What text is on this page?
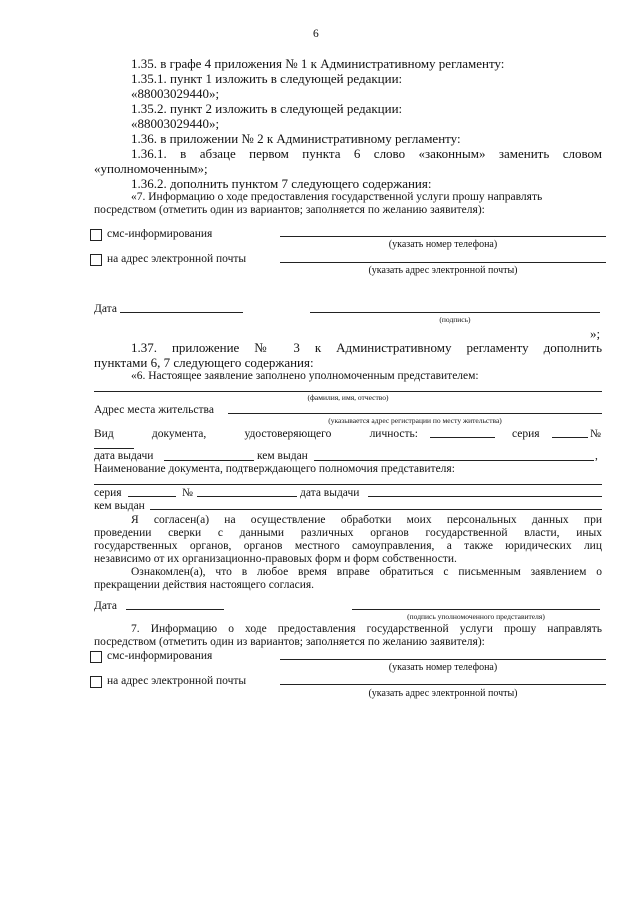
6
1.35. в графе 4 приложения № 1 к Административному регламенту:
1.35.1. пункт 1 изложить в следующей редакции:
«88003029440»;
1.35.2. пункт 2 изложить в следующей редакции:
«88003029440»;
1.36. в приложении № 2 к Административному регламенту:
1.36.1. в абзаце первом пункта 6 слово «законным» заменить словом
«уполномоченным»;
1.36.2. дополнить пунктом 7 следующего содержания:
«7. Информацию о ходе предоставления государственной услуги прошу направлять
посредством (отметить один из вариантов; заполняется по желанию заявителя):
смс-информирования
(указать номер телефона)
на адрес электронной почты
(указать адрес электронной почты)
Дата
(подпись)
»;
1.37. приложение № 3 к Административному регламенту дополнить
пунктами 6, 7 следующего содержания:
«6. Настоящее заявление заполнено уполномоченным представителем:
(фамилия, имя, отчество)
Адрес места жительства
(указывается адрес регистрации по месту жительства)
Вид документа, удостоверяющего личность:	серия	№
дата выдачи	кем выдан	,
Наименование документа, подтверждающего полномочия представителя:
серия	№	дата выдачи
кем выдан
Я согласен(а) на осуществление обработки моих персональных данных при
проведении сверки с данными различных органов государственной власти, иных
государственных органов, органов местного самоуправления, а также юридических лиц
независимо от их организационно-правовых форм и форм собственности.
Ознакомлен(а), что в любое время вправе обратиться с письменным заявлением о
прекращении действия настоящего согласия.
Дата
(подпись уполномоченного представителя)
7. Информацию о ходе предоставления государственной услуги прошу направлять
посредством (отметить один из вариантов; заполняется по желанию заявителя):
смс-информирования
(указать номер телефона)
на адрес электронной почты
(указать адрес электронной почты)
